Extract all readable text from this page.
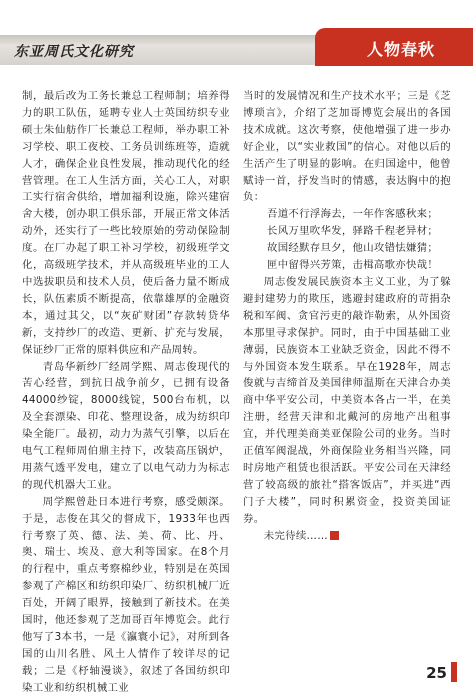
东亚周氏文化研究	人物春秋

制，最后改为工务长兼总工程师制；培养得力的职工队伍，延聘专业人士英国纺织专业硕士朱仙舫作厂长兼总工程师，举办职工补习学校、职工夜校、工务员训练班等，造就人才，确保企业良性发展，推动现代化的经营管理。在工人生活方面，关心工人，对职工实行宿舍供给，增加福利设施，除兴建宿舍大楼，创办职工俱乐部，开展正常文体活动外，还实行了一些比较原始的劳动保险制度。在厂办起了职工补习学校，初级班学文化，高级班学技术，并从高级班毕业的工人中选拔职员和技术人员，使后备力量不断成长，队伍素质不断提高，依靠雄厚的金融资本，通过其父，以“灰矿财团”存款转贷华新，支持纱厂的改造、更新、扩充与发展，保证纱厂正常的原料供应和产品周转。

青岛华新纱厂经周学熙、周志俊现代的苦心经营，到抗日战争前夕，已拥有设备44000纱锭，8000线锭，500台布机，以及全套漂染、印花、整理设备，成为纺织印染全能厂。最初，动力为蒸气引擎，以后在电气工程师周伯鼎主持下，改装高压锅炉，用蒸气透平发电，建立了以电气动力为标志的现代机器大工业。

周学熙曾赴日本进行考察，感受颇深。于是，志俊在其父的督成下，1933年也西行考察了英、德、法、美、荷、比、丹、奥、瑞士、埃及、意大利等国家。在8个月的行程中，重点考察棉纱业，特别是在英国参观了产棉区和纺织印染厂、纺织机械厂近百处，开阔了眼界，接触到了新技术。在美国时，他还参观了芝加哥百年博览会。此行他写了3本书，一是《瀛寰小记》，对所到各国的山川名胜、风土人情作了较详尽的记载；二是《杼轴漫谈》，叙述了各国纺织印染工业和纺织机械工业

当时的发展情况和生产技术水平；三是《芝博琐言》，介绍了芝加哥博览会展出的各国技术成就。这次考察，使他增强了进一步办好企业，以“实业救国”的信心。对他以后的生活产生了明显的影响。在归国途中，他曾赋诗一首，抒发当时的情感，表达胸中的抱负：

吾道不行浮海去，一年作客感秋来；
长风万里吹华发，驿路千程老异材；
故国经默存旦夕，他山攻错怯嫌猜；
匣中留得兴芳策，击楫高歌亦快哉！

周志俊发展民族资本主义工业，为了躲避封建势力的欺压，逃避封建政府的苛捐杂税和军阀、贪官污吏的敲诈勒索，从外国资本那里寻求保护。同时，由于中国基础工业薄弱，民族资本工业缺乏资金，因此不得不与外国资本发生联系。早在1928年，周志俊就与吉缔首及美国律师温斯在天津合办美商中华平安公司，中美资本各占一半，在美注册，经营天津和北戴河的房地产出租事宜，并代理美商美亚保险公司的业务。当时正值军阀混战，外商保险业务相当兴隆，同时房地产租赁也很活跃。平安公司在天津经营了较高级的旅社“搭客饭店”，并买进“西门子大楼”，同时积累资金，投资美国证券。

未完待续……

25
